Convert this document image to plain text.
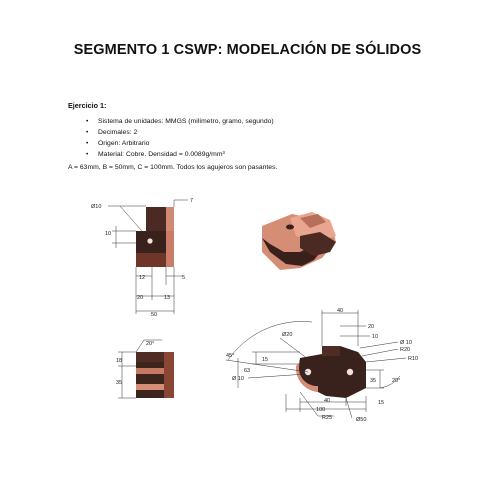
SEGMENTO 1 CSWP: MODELACIÓN DE SÓLIDOS
Ejercicio 1:
• Sistema de unidades: MMGS (milímetro, gramo, segundo)
• Decimales: 2
• Origen: Arbitrario
• Material: Cobre. Densidad = 0.0089g/mm³
A = 63mm, B = 50mm, C = 100mm. Todos los agujeros son pasantes.
Ø10
7
10
12	5
20	13
50
20°
18
35
40
20
10
Ø 10
R20
R10
Ø20
45°
15
63
Ø 10	35	20°
40	15
100
R25	Ø50
